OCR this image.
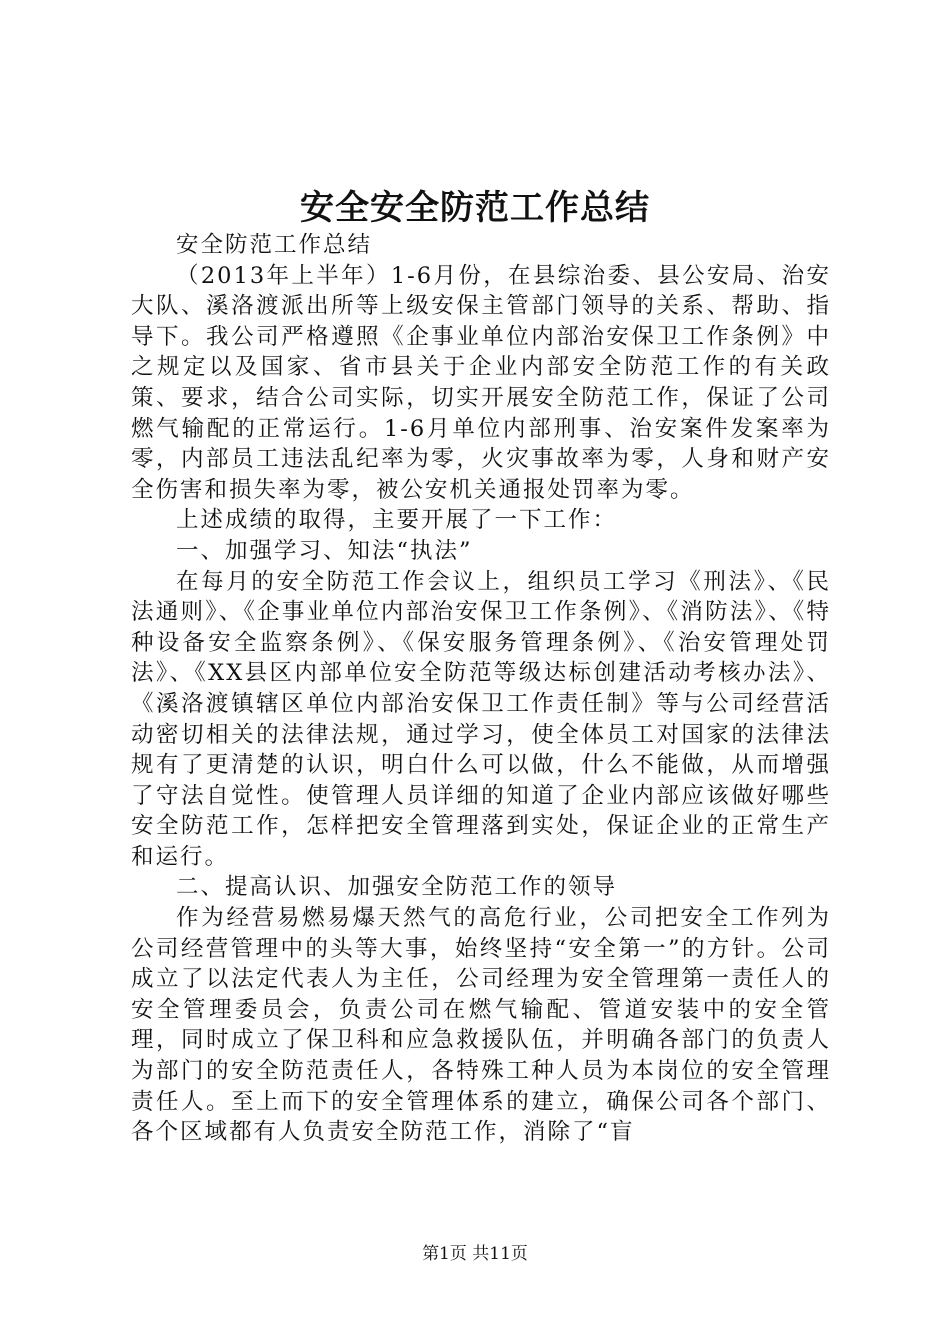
安全安全防范工作总结

安全防范工作总结

（2013年上半年）1-6月份，在县综治委、县公安局、治安大队、溪洛渡派出所等上级安保主管部门领导的关系、帮助、指导下。我公司严格遵照《企事业单位内部治安保卫工作条例》中之规定以及国家、省市县关于企业内部安全防范工作的有关政策、要求，结合公司实际，切实开展安全防范工作，保证了公司燃气输配的正常运行。1-6月单位内部刑事、治安案件发案率为零，内部员工违法乱纪率为零，火灾事故率为零，人身和财产安全伤害和损失率为零，被公安机关通报处罚率为零。

上述成绩的取得，主要开展了一下工作：

一、加强学习、知法“执法”

在每月的安全防范工作会议上，组织员工学习《刑法》、《民法通则》、《企事业单位内部治安保卫工作条例》、《消防法》、《特种设备安全监察条例》、《保安服务管理条例》、《治安管理处罚法》、《XX县区内部单位安全防范等级达标创建活动考核办法》、《溪洛渡镇辖区单位内部治安保卫工作责任制》等与公司经营活动密切相关的法律法规，通过学习，使全体员工对国家的法律法规有了更清楚的认识，明白什么可以做，什么不能做，从而增强了守法自觉性。使管理人员详细的知道了企业内部应该做好哪些安全防范工作，怎样把安全管理落到实处，保证企业的正常生产和运行。

二、提高认识、加强安全防范工作的领导

作为经营易燃易爆天然气的高危行业，公司把安全工作列为公司经营管理中的头等大事，始终坚持“安全第一”的方针。公司成立了以法定代表人为主任，公司经理为安全管理第一责任人的安全管理委员会，负责公司在燃气输配、管道安装中的安全管理，同时成立了保卫科和应急救援队伍，并明确各部门的负责人为部门的安全防范责任人，各特殊工种人员为本岗位的安全管理责任人。至上而下的安全管理体系的建立，确保公司各个部门、各个区域都有人负责安全防范工作，消除了“盲

第1页 共11页
